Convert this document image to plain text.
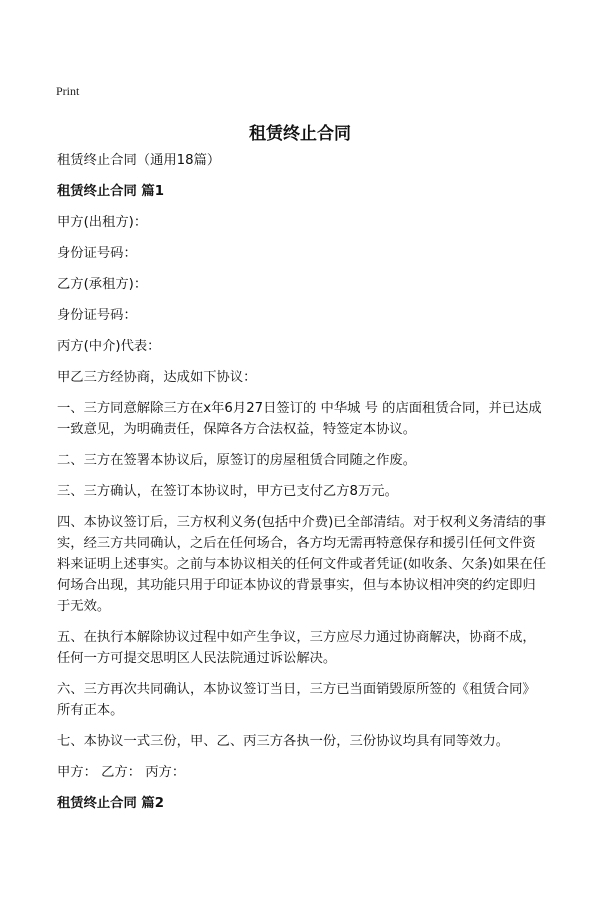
Print
租赁终止合同

租赁终止合同（通用18篇）

租赁终止合同 篇1

甲方(出租方)：

身份证号码：

乙方(承租方)：

身份证号码：

丙方(中介)代表：

甲乙三方经协商，达成如下协议：

一、三方同意解除三方在x年6月27日签订的 中华城 号 的店面租赁合同，并已达成一致意见，为明确责任，保障各方合法权益，特签定本协议。

二、三方在签署本协议后，原签订的房屋租赁合同随之作废。

三、三方确认，在签订本协议时，甲方已支付乙方8万元。

四、本协议签订后，三方权利义务(包括中介费)已全部清结。对于权利义务清结的事实，经三方共同确认，之后在任何场合，各方均无需再特意保存和援引任何文件资料来证明上述事实。之前与本协议相关的任何文件或者凭证(如收条、欠条)如果在任何场合出现，其功能只用于印证本协议的背景事实，但与本协议相冲突的约定即归于无效。

五、在执行本解除协议过程中如产生争议，三方应尽力通过协商解决，协商不成，任何一方可提交思明区人民法院通过诉讼解决。

六、三方再次共同确认，本协议签订当日，三方已当面销毁原所签的《租赁合同》所有正本。

七、本协议一式三份，甲、乙、丙三方各执一份，三份协议均具有同等效力。

甲方： 乙方： 丙方：

租赁终止合同 篇2
